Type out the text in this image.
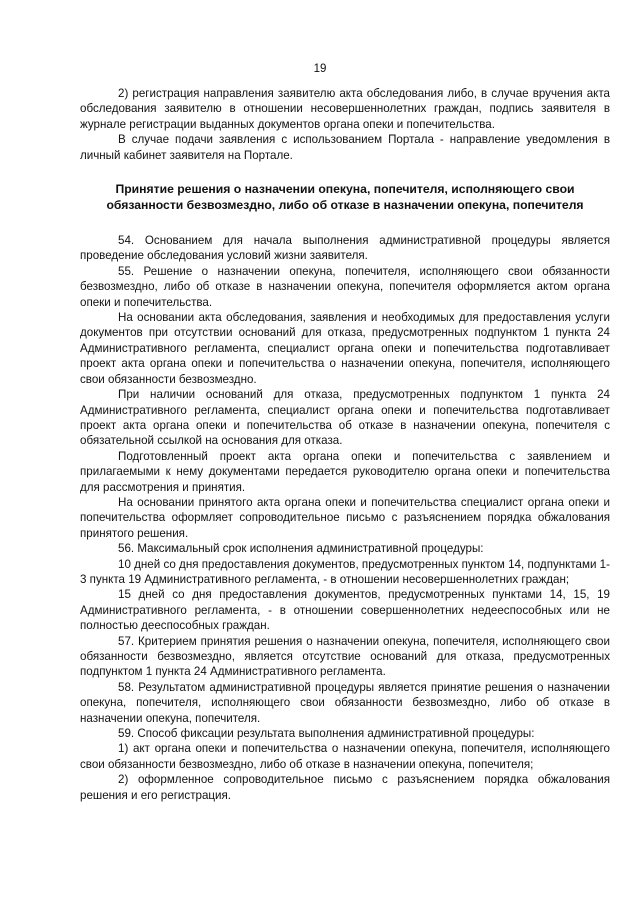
19

2) регистрация направления заявителю акта обследования либо, в случае вручения акта обследования заявителю в отношении несовершеннолетних граждан, подпись заявителя в журнале регистрации выданных документов органа опеки и попечительства.

В случае подачи заявления с использованием Портала - направление уведомления в личный кабинет заявителя на Портале.

Принятие решения о назначении опекуна, попечителя, исполняющего свои обязанности безвозмездно, либо об отказе в назначении опекуна, попечителя

54. Основанием для начала выполнения административной процедуры является проведение обследования условий жизни заявителя.

55. Решение о назначении опекуна, попечителя, исполняющего свои обязанности безвозмездно, либо об отказе в назначении опекуна, попечителя оформляется актом органа опеки и попечительства.

На основании акта обследования, заявления и необходимых для предоставления услуги документов при отсутствии оснований для отказа, предусмотренных подпунктом 1 пункта 24 Административного регламента, специалист органа опеки и попечительства подготавливает проект акта органа опеки и попечительства о назначении опекуна, попечителя, исполняющего свои обязанности безвозмездно.

При наличии оснований для отказа, предусмотренных подпунктом 1 пункта 24 Административного регламента, специалист органа опеки и попечительства подготавливает проект акта органа опеки и попечительства об отказе в назначении опекуна, попечителя с обязательной ссылкой на основания для отказа.

Подготовленный проект акта органа опеки и попечительства с заявлением и прилагаемыми к нему документами передается руководителю органа опеки и попечительства для рассмотрения и принятия.

На основании принятого акта органа опеки и попечительства специалист органа опеки и попечительства оформляет сопроводительное письмо с разъяснением порядка обжалования принятого решения.

56. Максимальный срок исполнения административной процедуры:

10 дней со дня предоставления документов, предусмотренных пунктом 14, подпунктами 1-3 пункта 19 Административного регламента, - в отношении несовершеннолетних граждан;

15 дней со дня предоставления документов, предусмотренных пунктами 14, 15, 19 Административного регламента, - в отношении совершеннолетних недееспособных или не полностью дееспособных граждан.

57. Критерием принятия решения о назначении опекуна, попечителя, исполняющего свои обязанности безвозмездно, является отсутствие оснований для отказа, предусмотренных подпунктом 1 пункта 24 Административного регламента.

58. Результатом административной процедуры является принятие решения о назначении опекуна, попечителя, исполняющего свои обязанности безвозмездно, либо об отказе в назначении опекуна, попечителя.

59. Способ фиксации результата выполнения административной процедуры:

1) акт органа опеки и попечительства о назначении опекуна, попечителя, исполняющего свои обязанности безвозмездно, либо об отказе в назначении опекуна, попечителя;

2) оформленное сопроводительное письмо с разъяснением порядка обжалования решения и его регистрация.
